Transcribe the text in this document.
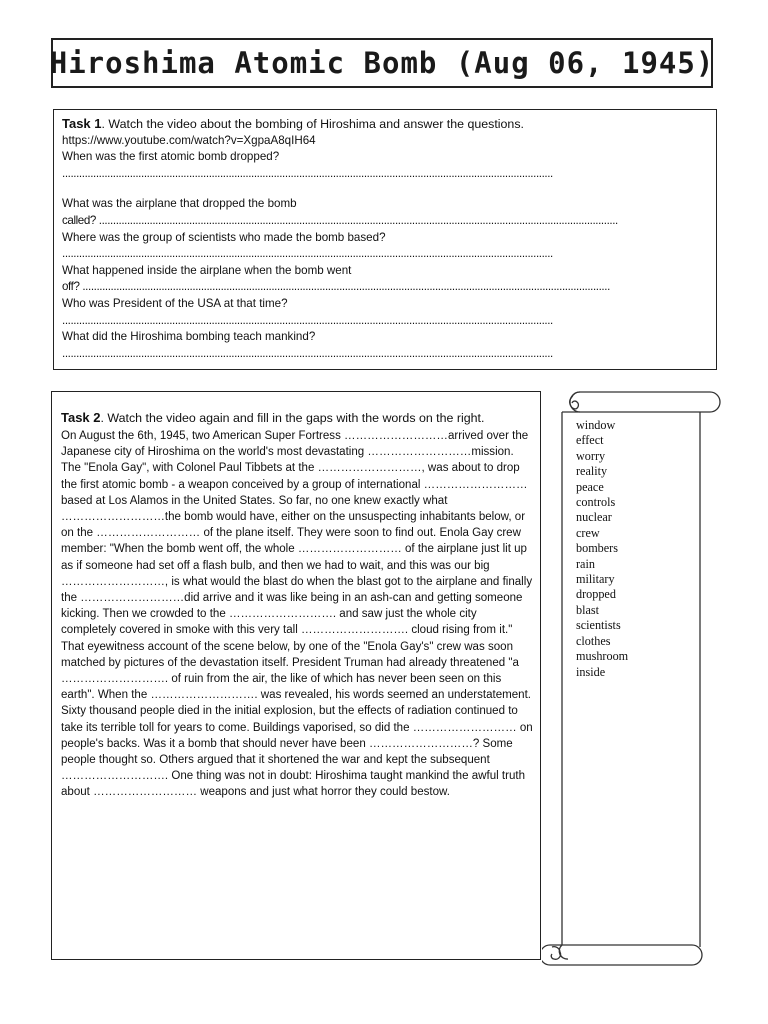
Hiroshima Atomic Bomb (Aug 06, 1945)

Task 1. Watch the video about the bombing of Hiroshima and answer the questions.

https://www.youtube.com/watch?v=XgpaA8qIH64

When was the first atomic bomb dropped?

..............................................................................................................................................................................

What was the airplane that dropped the bomb

called? ........................................................................................................................................................................................

Where was the group of scientists who made the bomb based?

..............................................................................................................................................................................

What happened inside the airplane when the bomb went

off? ...........................................................................................................................................................................................

Who was President of the USA at that time?

..............................................................................................................................................................................

What did the Hiroshima bombing teach mankind?

..............................................................................................................................................................................

Task 2. Watch the video again and fill in the gaps with the words on the right.

On August the 6th, 1945, two American Super Fortress ………………………arrived over the Japanese city of Hiroshima on the world's most devastating ………………………mission. The "Enola Gay", with Colonel Paul Tibbets at the ………………………, was about to drop the first atomic bomb - a weapon conceived by a group of international ……………………… based at Los Alamos in the United States. So far, no one knew exactly what ………………………the bomb would have, either on the unsuspecting inhabitants below, or on the ……………………… of the plane itself. They were soon to find out. Enola Gay crew member: "When the bomb went off, the whole ……………………… of the airplane just lit up as if someone had set off a flash bulb, and then we had to wait, and this was our big ………………………, is what would the blast do when the blast got to the airplane and finally the ………………………did arrive and it was like being in an ash-can and getting someone kicking. Then we crowded to the ………………………. and saw just the whole city completely covered in smoke with this very tall ………………………. cloud rising from it." That eyewitness account of the scene below, by one of the "Enola Gay's" crew was soon matched by pictures of the devastation itself. President Truman had already threatened "a ………………………. of ruin from the air, the like of which has never been seen on this earth". When the ………………………. was revealed, his words seemed an understatement. Sixty thousand people died in the initial explosion, but the effects of radiation continued to take its terrible toll for years to come. Buildings vaporised, so did the ……………………… on people's backs. Was it a bomb that should never have been ………………………? Some people thought so. Others argued that it shortened the war and kept the subsequent ………………………. One thing was not in doubt: Hiroshima taught mankind the awful truth about ……………………… weapons and just what horror they could bestow.

window
effect
worry
reality
peace
controls
nuclear
crew
bombers
rain
military
dropped
blast
scientists
clothes
mushroom
inside
